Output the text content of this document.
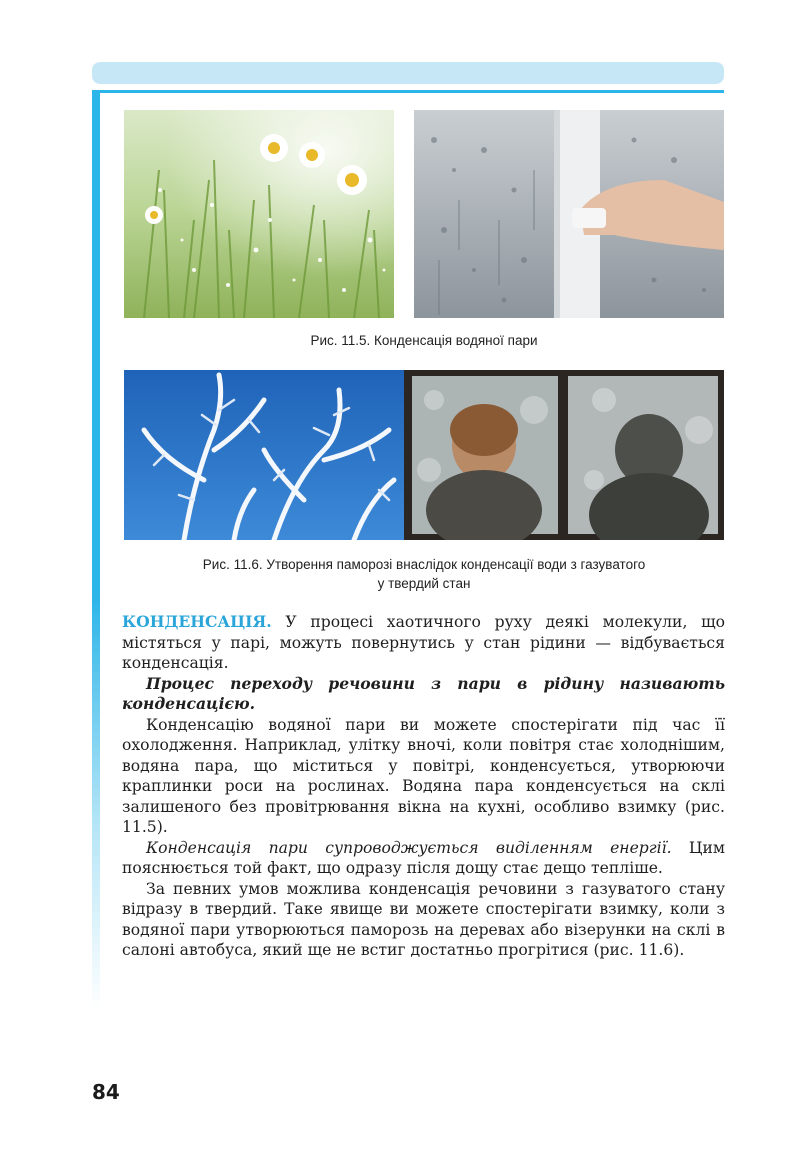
Рис. 11.5. Конденсація водяної пари
Рис. 11.6. Утворення паморозі внаслідок конденсації води з газуватого
у твердий стан

КОНДЕНСАЦІЯ. У процесі хаотичного руху деякі молекули, що містяться у парі, можуть повернутись у стан рідини — відбувається конденсація.

Процес переходу речовини з пари в рідину називають конденсацією.

Конденсацію водяної пари ви можете спостерігати під час її охолодження. Наприклад, улітку вночі, коли повітря стає холоднішим, водяна пара, що міститься у повітрі, конденсується, утворюючи краплинки роси на рослинах. Водяна пара конденсується на склі залишеного без провітрювання вікна на кухні, особливо взимку (рис. 11.5).

Конденсація пари супроводжується виділенням енергії. Цим пояснюється той факт, що одразу після дощу стає дещо тепліше.

За певних умов можлива конденсація речовини з газуватого стану відразу в твердий. Таке явище ви можете спостерігати взимку, коли з водяної пари утворюються паморозь на деревах або візерунки на склі в салоні автобуса, який ще не встиг достатньо прогрітися (рис. 11.6).

84
